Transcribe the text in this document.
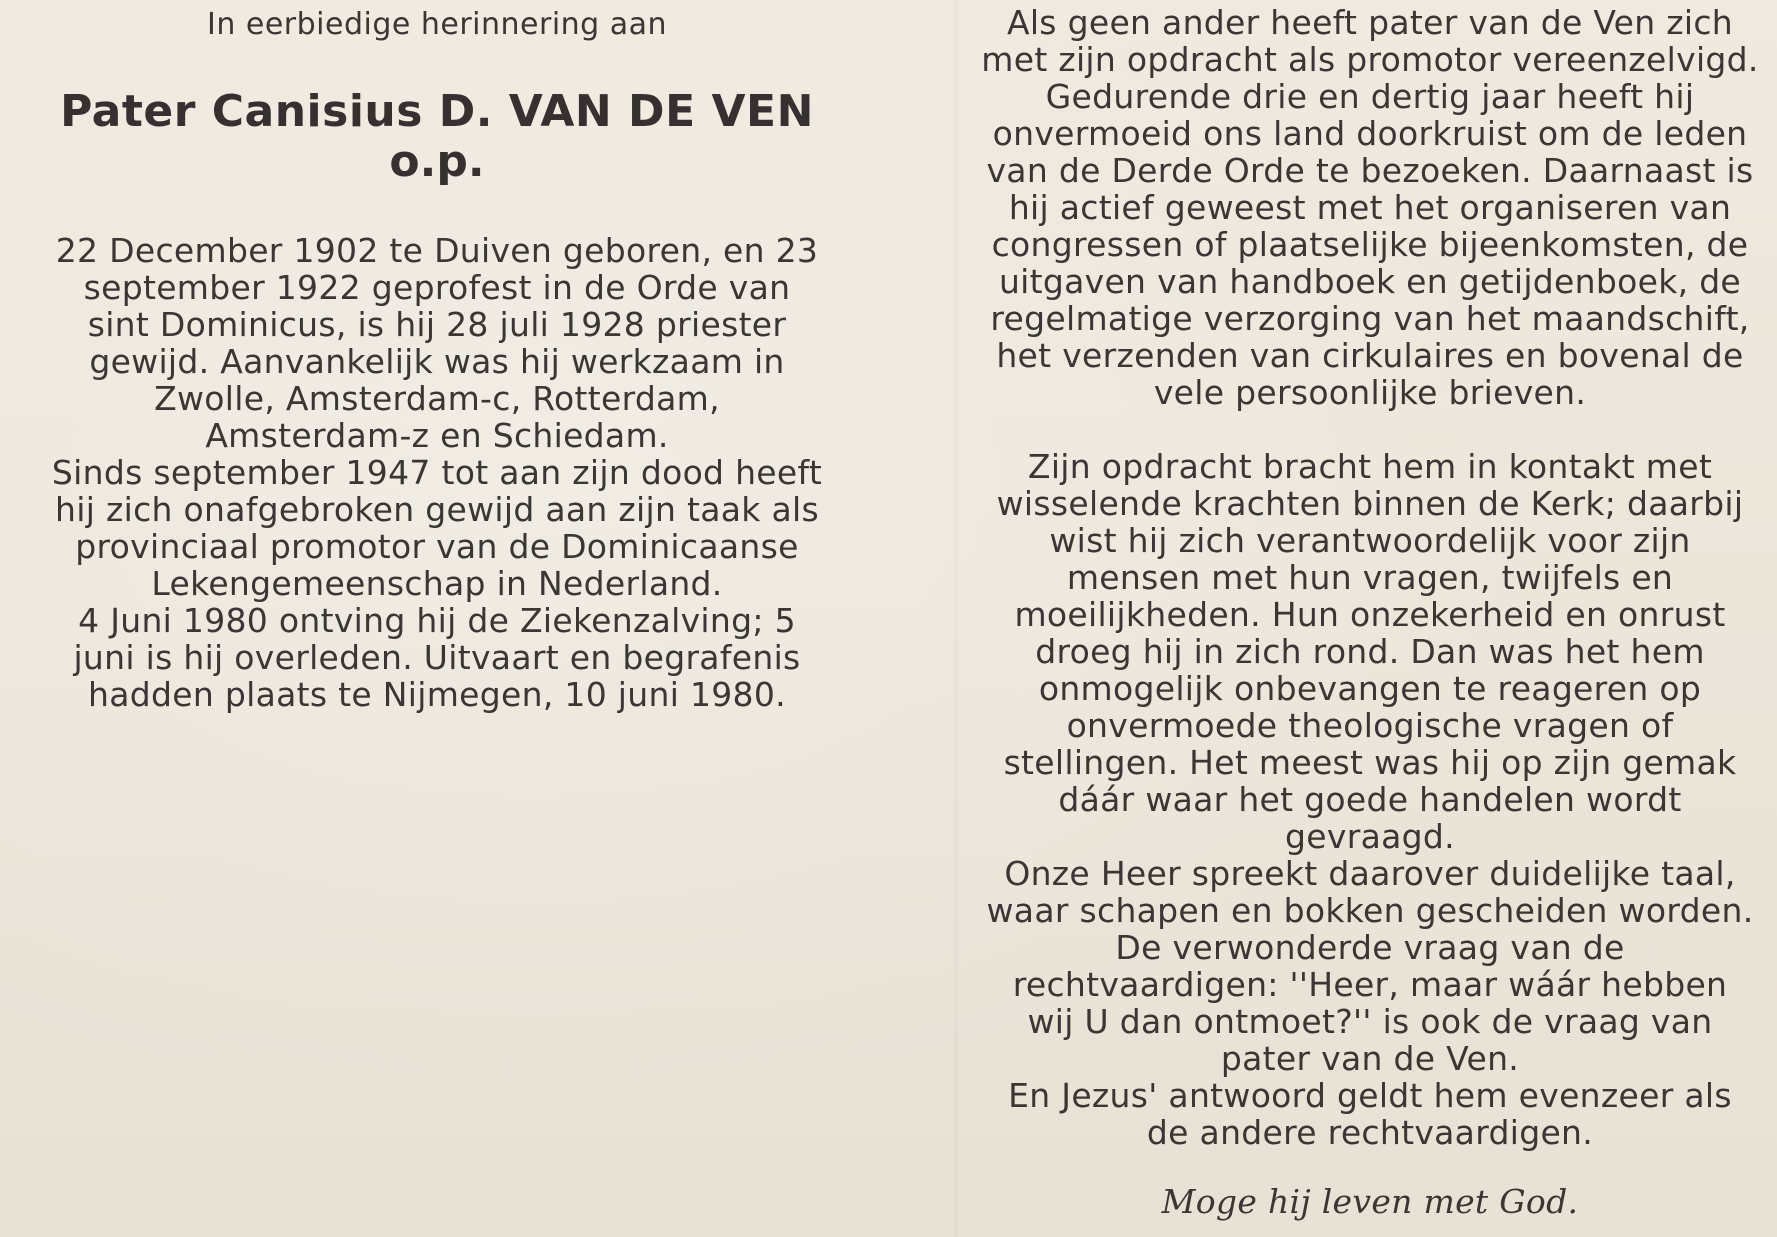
In eerbiedige herinnering aan

Pater Canisius D. VAN DE VEN

o.p.

22 December 1902 te Duiven geboren, en 23
september 1922 geprofest in de Orde van
sint Dominicus, is hij 28 juli 1928 priester
gewijd. Aanvankelijk was hij werkzaam in
Zwolle, Amsterdam-c, Rotterdam,
Amsterdam-z en Schiedam.
Sinds september 1947 tot aan zijn dood heeft
hij zich onafgebroken gewijd aan zijn taak als
provinciaal promotor van de Dominicaanse
Lekengemeenschap in Nederland.
4 Juni 1980 ontving hij de Ziekenzalving; 5
juni is hij overleden. Uitvaart en begrafenis
hadden plaats te Nijmegen, 10 juni 1980.
Als geen ander heeft pater van de Ven zich
met zijn opdracht als promotor vereenzelvigd.
Gedurende drie en dertig jaar heeft hij
onvermoeid ons land doorkruist om de leden
van de Derde Orde te bezoeken. Daarnaast is
hij actief geweest met het organiseren van
congressen of plaatselijke bijeenkomsten, de
uitgaven van handboek en getijdenboek, de
regelmatige verzorging van het maandschift,
het verzenden van cirkulaires en bovenal de
vele persoonlijke brieven.
Zijn opdracht bracht hem in kontakt met
wisselende krachten binnen de Kerk; daarbij
wist hij zich verantwoordelijk voor zijn
mensen met hun vragen, twijfels en
moeilijkheden. Hun onzekerheid en onrust
droeg hij in zich rond. Dan was het hem
onmogelijk onbevangen te reageren op
onvermoede theologische vragen of
stellingen. Het meest was hij op zijn gemak
dáár waar het goede handelen wordt
gevraagd.
Onze Heer spreekt daarover duidelijke taal,
waar schapen en bokken gescheiden worden.
De verwonderde vraag van de
rechtvaardigen: ''Heer, maar wáár hebben
wij U dan ontmoet?'' is ook de vraag van
pater van de Ven.
En Jezus' antwoord geldt hem evenzeer als
de andere rechtvaardigen.
Moge hij leven met God.
